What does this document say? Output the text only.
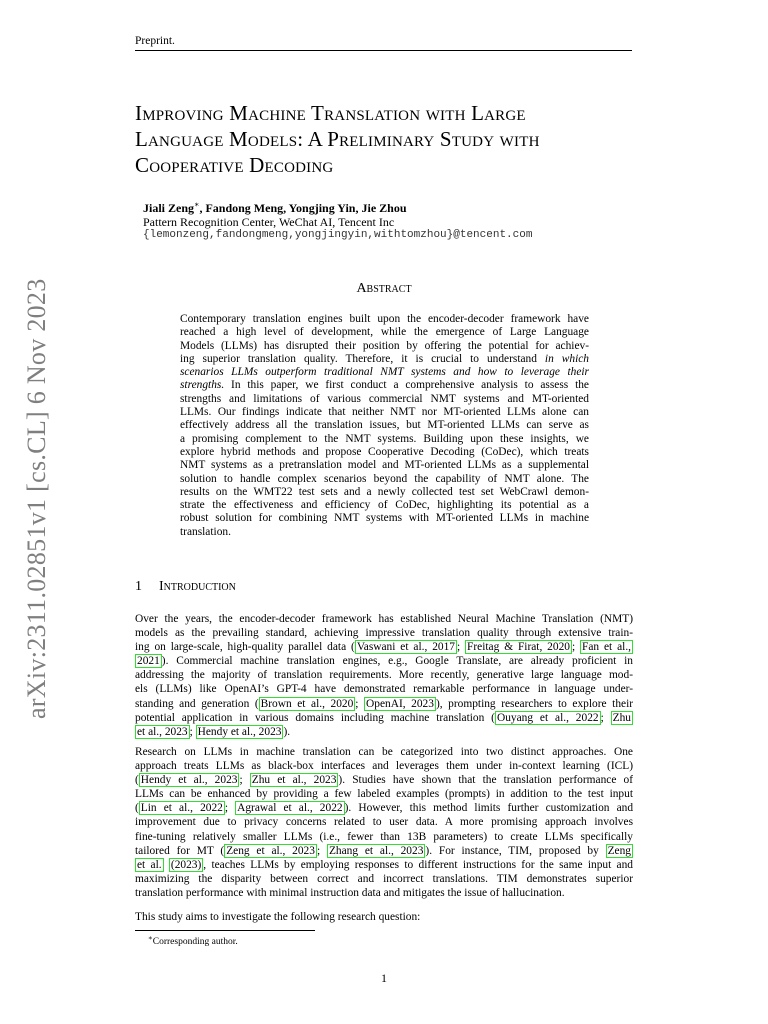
Preprint.
arXiv:2311.02851v1 [cs.CL] 6 Nov 2023
Improving Machine Translation with Large
Language Models: A Preliminary Study with
Cooperative Decoding
Jiali Zeng∗, Fandong Meng, Yongjing Yin, Jie Zhou
Pattern Recognition Center, WeChat AI, Tencent Inc
{lemonzeng,fandongmeng,yongjingyin,withtomzhou}@tencent.com
Abstract
Contemporary translation engines built upon the encoder-decoder framework have
reached a high level of development, while the emergence of Large Language
Models (LLMs) has disrupted their position by offering the potential for achiev-
ing superior translation quality. Therefore, it is crucial to understand in which
scenarios LLMs outperform traditional NMT systems and how to leverage their
strengths. In this paper, we first conduct a comprehensive analysis to assess the
strengths and limitations of various commercial NMT systems and MT-oriented
LLMs. Our findings indicate that neither NMT nor MT-oriented LLMs alone can
effectively address all the translation issues, but MT-oriented LLMs can serve as
a promising complement to the NMT systems. Building upon these insights, we
explore hybrid methods and propose Cooperative Decoding (CoDec), which treats
NMT systems as a pretranslation model and MT-oriented LLMs as a supplemental
solution to handle complex scenarios beyond the capability of NMT alone. The
results on the WMT22 test sets and a newly collected test set WebCrawl demon-
strate the effectiveness and efficiency of CoDec, highlighting its potential as a
robust solution for combining NMT systems with MT-oriented LLMs in machine
translation.
1 Introduction
Over the years, the encoder-decoder framework has established Neural Machine Translation (NMT)
models as the prevailing standard, achieving impressive translation quality through extensive train-
ing on large-scale, high-quality parallel data ( Vaswani et al., 2017 ; Freitag & Firat, 2020 ; Fan et al.,
2021 ). Commercial machine translation engines, e.g., Google Translate, are already proficient in
addressing the majority of translation requirements. More recently, generative large language mod-
els (LLMs) like OpenAI’s GPT-4 have demonstrated remarkable performance in language under-
standing and generation ( Brown et al., 2020 ; OpenAI, 2023 ), prompting researchers to explore their
potential application in various domains including machine translation ( Ouyang et al., 2022 ; Zhu
et al., 2023 ; Hendy et al., 2023 ).
Research on LLMs in machine translation can be categorized into two distinct approaches. One
approach treats LLMs as black-box interfaces and leverages them under in-context learning (ICL)
( Hendy et al., 2023 ; Zhu et al., 2023 ). Studies have shown that the translation performance of
LLMs can be enhanced by providing a few labeled examples (prompts) in addition to the test input
( Lin et al., 2022 ; Agrawal et al., 2022 ). However, this method limits further customization and
improvement due to privacy concerns related to user data. A more promising approach involves
fine-tuning relatively smaller LLMs (i.e., fewer than 13B parameters) to create LLMs specifically
tailored for MT ( Zeng et al., 2023 ; Zhang et al., 2023 ). For instance, TIM, proposed by Zeng
et al. (2023) , teaches LLMs by employing responses to different instructions for the same input and
maximizing the disparity between correct and incorrect translations. TIM demonstrates superior
translation performance with minimal instruction data and mitigates the issue of hallucination.
This study aims to investigate the following research question:
∗Corresponding author.
1
